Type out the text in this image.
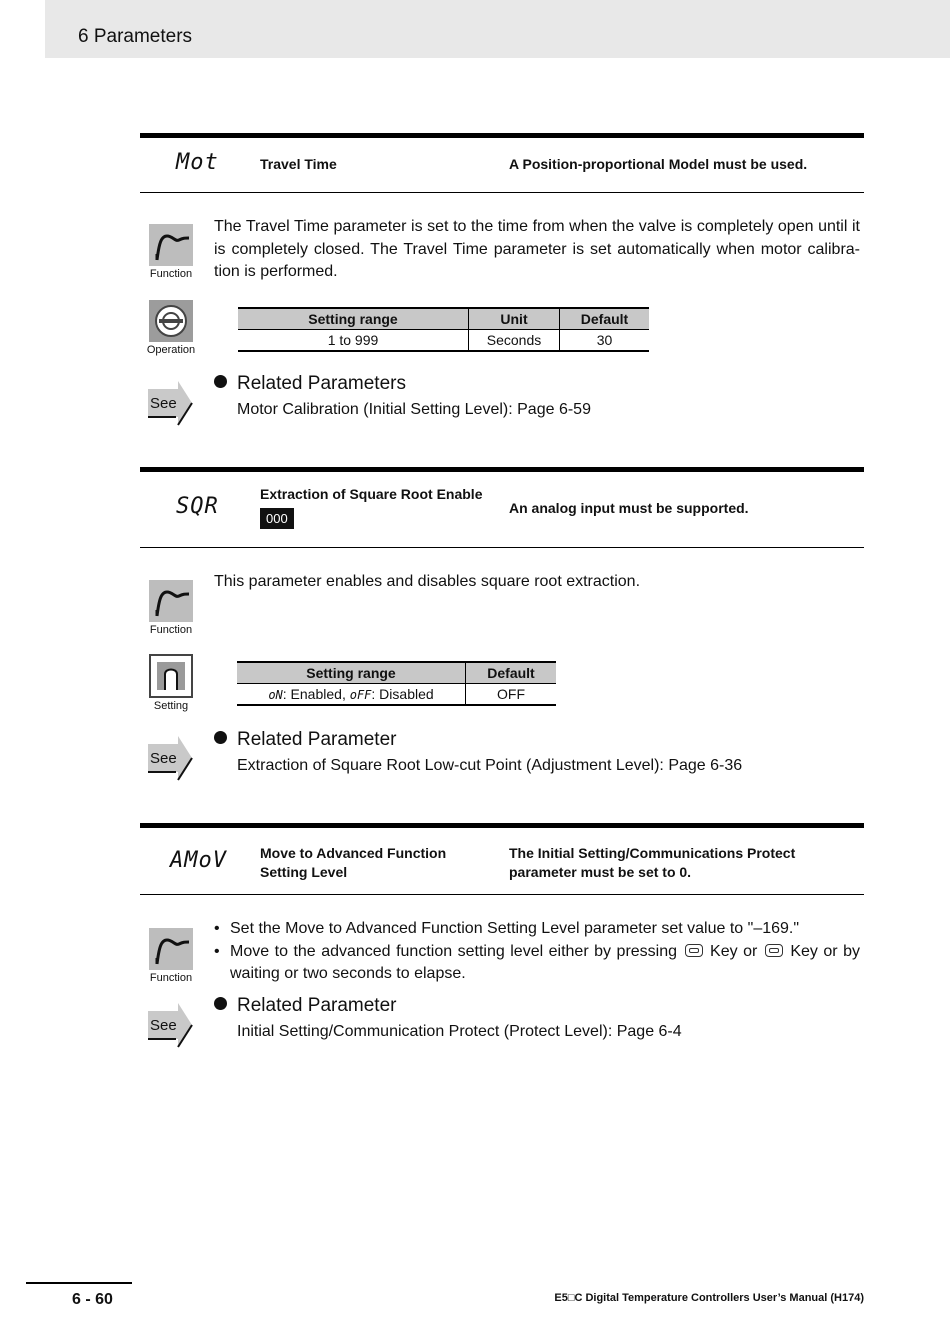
6 Parameters
Mot	Travel Time	A Position-proportional Model must be used.
Function
The Travel Time parameter is set to the time from when the valve is completely open until it is completely closed. The Travel Time parameter is set automatically when motor calibra-tion is performed.
Operation
Setting range	Unit	Default
1 to 999	Seconds	30
See
Related Parameters
Motor Calibration (Initial Setting Level): Page 6-59
SQR	Extraction of Square Root Enable
000
An analog input must be supported.
Function
This parameter enables and disables square root extraction.
Setting
Setting range	Default
oN: Enabled, oFF: Disabled	OFF
See
Related Parameter
Extraction of Square Root Low-cut Point (Adjustment Level): Page 6-36
AMoV Move to Advanced Function
Setting Level
The Initial Setting/Communications Protect
parameter must be set to 0.
Function
• Set the Move to Advanced Function Setting Level parameter set value to "–169."
• Move to the advanced function setting level either by pressing Key or Key or by waiting or two seconds to elapse.
See
Related Parameter
Initial Setting/Communication Protect (Protect Level): Page 6-4
6 - 60	E5□C Digital Temperature Controllers User’s Manual (H174)
